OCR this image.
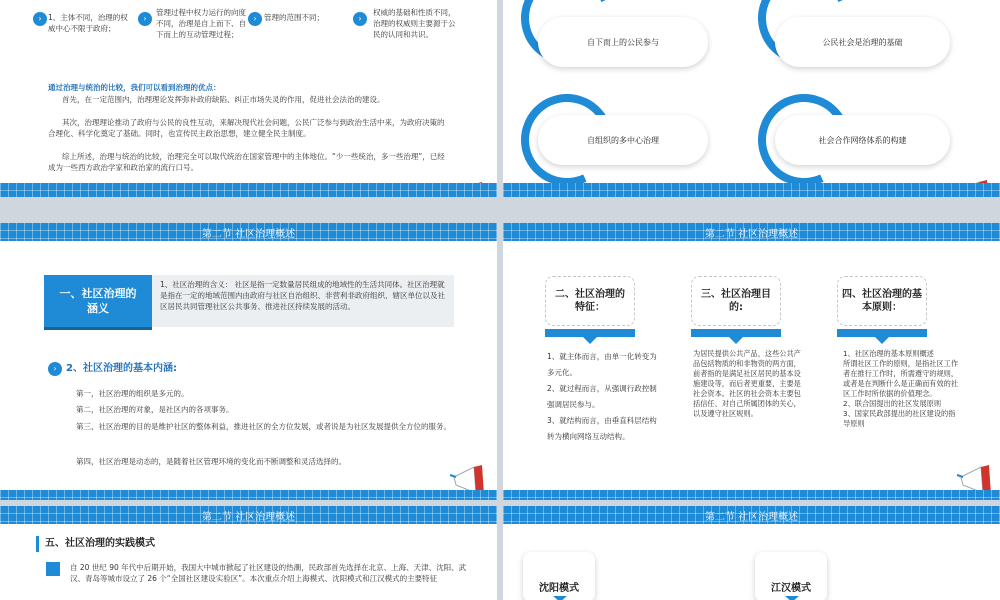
› 1、主体不同，治理的权威中心不限于政府；
›
管理过程中权力运行的向度不同，治理是自上而下、自下而上的互动管理过程；
› 管理的范围不同；	›
权威的基础和性质不同，治理的权威则主要源于公民的认同和共识。
通过治理与统治的比较，我们可以看到治理的优点：
首先，在一定范围内，治理理论发挥弥补政府缺陷、纠正市场失灵的作用，促进社会法治的建设。
其次，治理理论推动了政府与公民的良性互动，来解决现代社会问题，公民广泛参与到政治生活中来，为政府决策的合理化、科学化奠定了基础。同时，也宣传民主政治思想，建立健全民主制度。
综上所述，治理与统治的比较，治理完全可以取代统治在国家管理中的主体地位。“少一些统治，多一些治理”，已经成为一些西方政治学家和政治家的流行口号。
自下而上的公民参与	公民社会是治理的基础
自组织的多中心治理	社会合作网络体系的构建
第二节 社区治理概述
一、社区治理的涵义
1、社区治理的含义： 社区是指一定数量居民组成的地域性的生活共同体。社区治理就是指在一定的地域范围内由政府与社区自治组织、非营利非政府组织、辖区单位以及社区居民共同管理社区公共事务、推进社区持续发展的活动。
› 2、社区治理的基本内涵:
第一，社区治理的组织是多元的。
第二，社区治理的对象，是社区内的各项事务。
第三，社区治理的目的是维护社区的整体利益，推进社区的全方位发展，或者说是为社区发展提供全方位的服务。
第四，社区治理是动态的，是随着社区管理环境的变化而不断调整和灵活选择的。
第二节 社区治理概述
二、社区治理的特征：
三、社区治理目的:
四、社区治理的基本原则：
1、就主体而言，由单一化转变为多元化。
2、就过程而言，从强调行政控制强调居民参与。
3、就结构而言，由垂直科层结构转为横向网络互动结构。
为居民提供公共产品，这些公共产品包括物质的和非物资的两方面，前者指的是满足社区居民的基本设施建设等，而后者更重要，主要是社会资本。社区的社会资本主要包括信任、对自己所属团体的关心，以及遵守社区规则。
1、社区治理的基本原则概述
所谓社区工作的原则，是指社区工作者在推行工作时，所需遵守的规则，或者是在判断什么是正确而有效的社区工作时所依据的价值理念。
2、联合国提出的社区发展原则
3、国家民政部提出的社区建设的指导原则
第二节 社区治理概述
五、社区治理的实践模式
自 20 世纪 90 年代中后期开始，我国大中城市掀起了社区建设的热潮，民政部首先选择在北京、上海、天津、沈阳、武汉、青岛等城市设立了 26 个“全国社区建设实验区”。本次重点介绍上海模式、沈阳模式和江汉模式的主要特征
第二节 社区治理概述
沈阳模式	江汉模式
